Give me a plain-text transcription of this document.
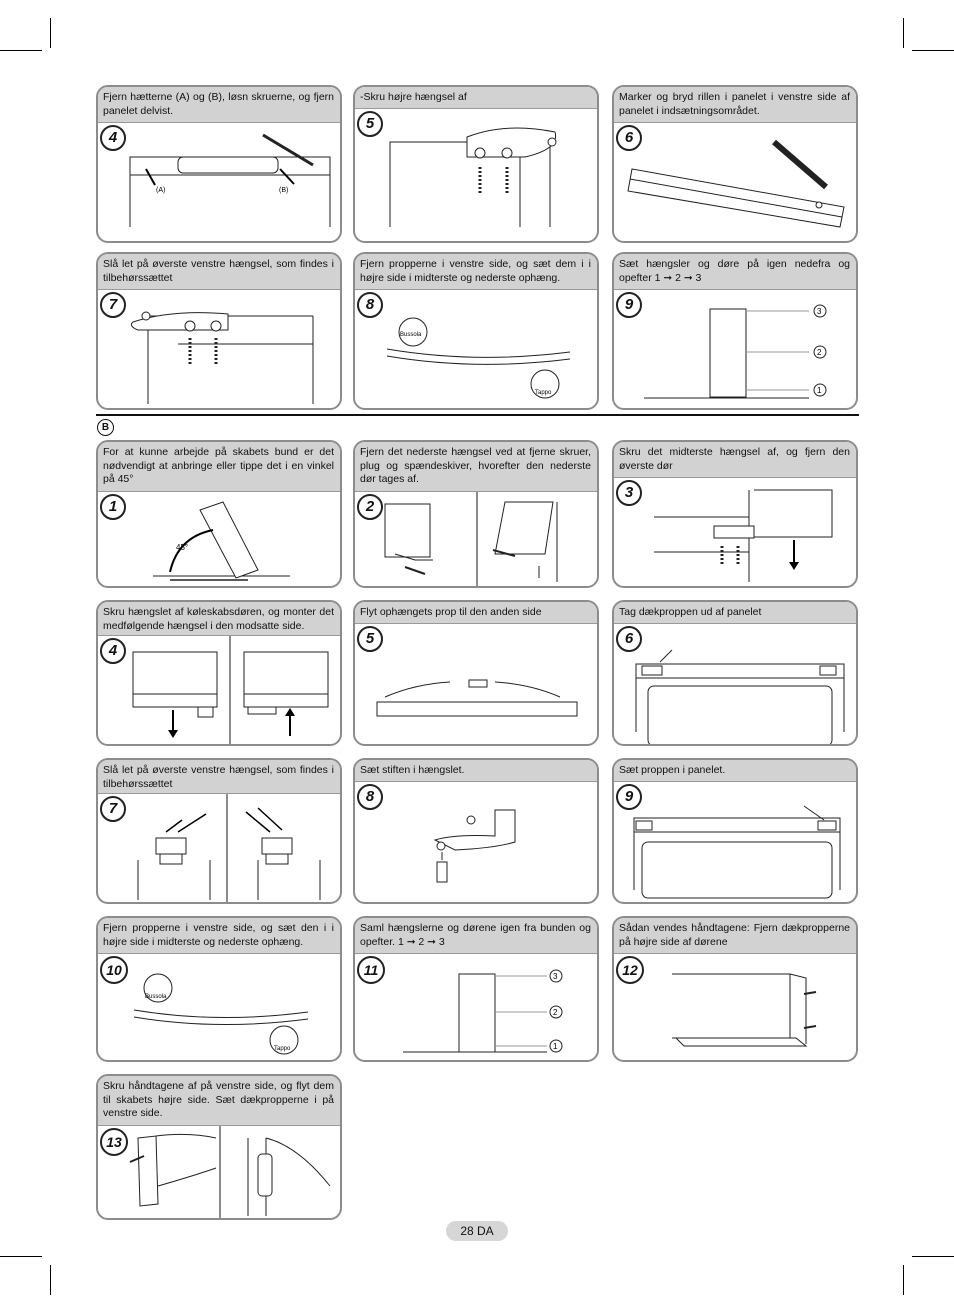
Fjern hætterne (A) og (B), løsn skruerne, og fjern panelet delvist.
4
(A)	(B)
-Skru højre hængsel af
5
Marker og bryd rillen i panelet i venstre side af panelet i indsætningsområdet.
6
Slå let på øverste venstre hængsel, som findes i tilbehørssættet
7
Fjern propperne i venstre side, og sæt dem i i højre side i midterste og nederste ophæng.
8
Bussola
Tappo
Sæt hængsler og døre på igen nedefra og opefter 1 ➞ 2 ➞ 3
9	3
2
1
B
For at kunne arbejde på skabets bund er det nødvendigt at anbringe eller tippe det i en vinkel på 45°
1
45°
Fjern det nederste hængsel ved at fjerne skruer, plug og spændeskiver, hvorefter den nederste dør tages af.
2
Skru det midterste hængsel af, og fjern den øverste dør
3
Skru hængslet af køleskabsdøren, og monter det medfølgende hængsel i den modsatte side.
4
Flyt ophængets prop til den anden side
5
Tag dækproppen ud af panelet
6
Slå let på øverste venstre hængsel, som findes i tilbehørssættet
7
Sæt stiften i hængslet.
8
Sæt proppen i panelet.
9
Fjern propperne i venstre side, og sæt den i i højre side i midterste og nederste ophæng.
10
Bussola
Tappo
Saml hængslerne og dørene igen fra bunden og opefter. 1 ➞ 2 ➞ 3
11	3
2
1
Sådan vendes håndtagene: Fjern dækpropperne på højre side af dørene
12
Skru håndtagene af på venstre side, og flyt dem til skabets højre side. Sæt dækpropperne i på venstre side.
13
28 DA
